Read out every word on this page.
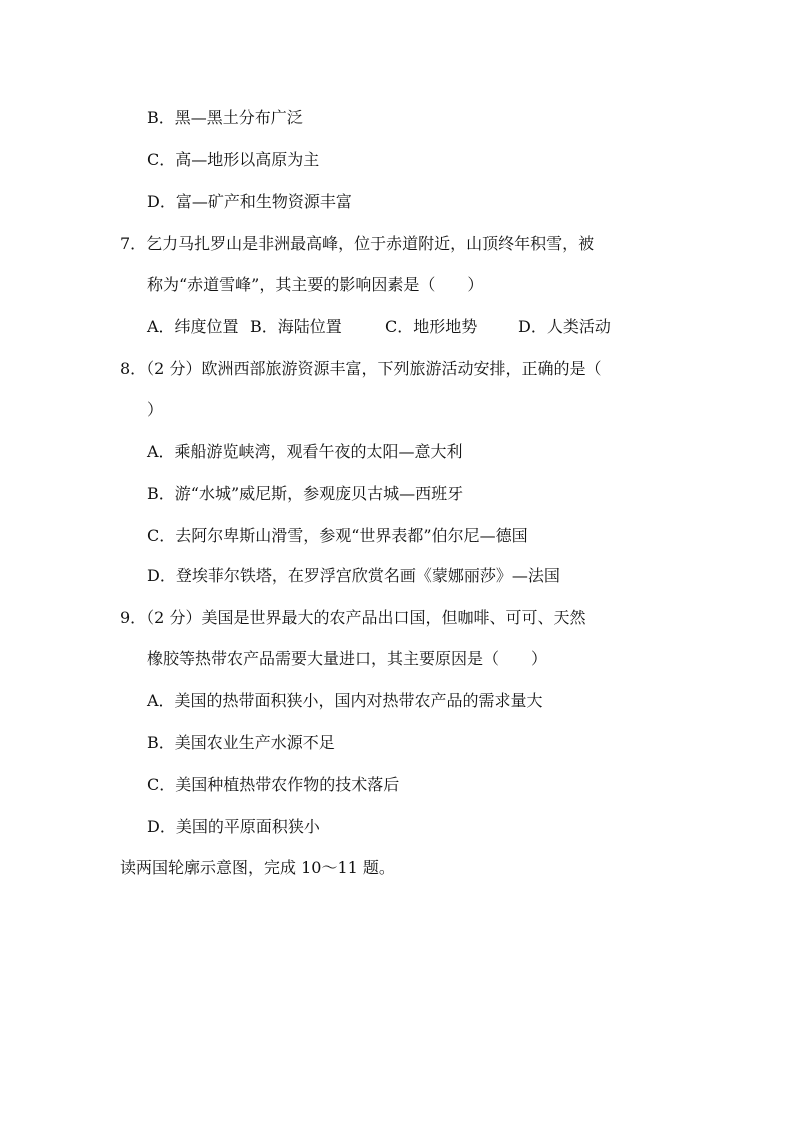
B．黑—黑土分布广泛
C．高—地形以高原为主
D．富—矿产和生物资源丰富
7．乞力马扎罗山是非洲最高峰，位于赤道附近，山顶终年积雪，被
称为“赤道雪峰”，其主要的影响因素是（　　）
A．纬度位置 B．海陆位置	C．地形地势	D．人类活动
8．（2 分）欧洲西部旅游资源丰富，下列旅游活动安排，正确的是（
）
A．乘船游览峡湾，观看午夜的太阳—意大利
B．游“水城”威尼斯，参观庞贝古城—西班牙
C．去阿尔卑斯山滑雪，参观“世界表都”伯尔尼—德国
D．登埃菲尔铁塔，在罗浮宫欣赏名画《蒙娜丽莎》—法国
9．（2 分）美国是世界最大的农产品出口国，但咖啡、可可、天然
橡胶等热带农产品需要大量进口，其主要原因是（　　）
A．美国的热带面积狭小，国内对热带农产品的需求量大
B．美国农业生产水源不足
C．美国种植热带农作物的技术落后
D．美国的平原面积狭小
读两国轮廓示意图，完成 10～11 题。
